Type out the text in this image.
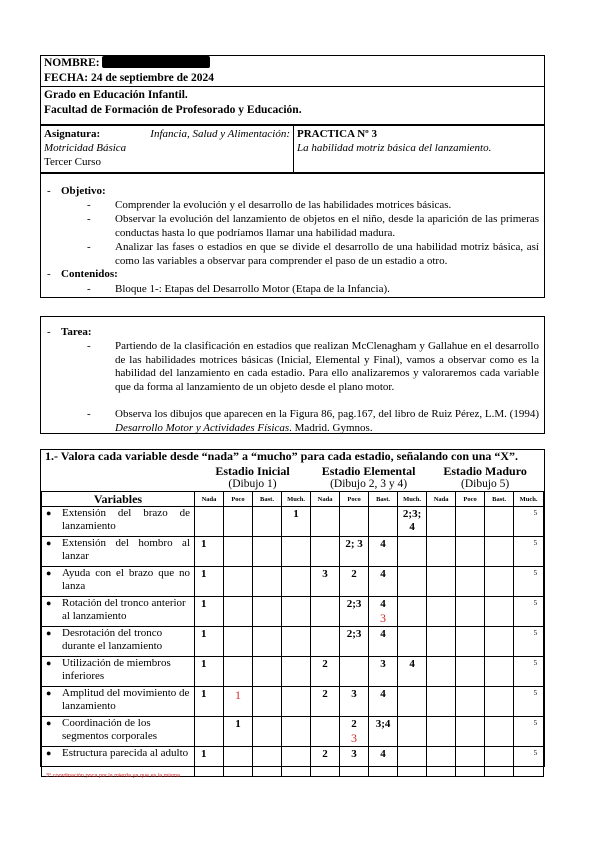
NOMBRE:
FECHA: 24 de septiembre de 2024
Grado en Educación Infantil.
Facultad de Formación de Profesorado y Educación.
Asignatura:	Infancia, Salud y Alimentación:
Motricidad Básica
Tercer Curso
PRACTICA Nº 3
La habilidad motriz básica del lanzamiento.
- Objetivo:
- Comprender la evolución y el desarrollo de las habilidades motrices básicas.
- Observar la evolución del lanzamiento de objetos en el niño, desde la aparición de las primeras conductas hasta lo que podríamos llamar una habilidad madura.
- Analizar las fases o estadios en que se divide el desarrollo de una habilidad motriz básica, así como las variables a observar para comprender el paso de un estadio a otro.
- Contenidos:
- Bloque 1-: Etapas del Desarrollo Motor (Etapa de la Infancia).
- Tarea:
- Partiendo de la clasificación en estadios que realizan McClenagham y Gallahue en el desarrollo de las habilidades motrices básicas (Inicial, Elemental y Final), vamos a observar como es la habilidad del lanzamiento en cada estadio. Para ello analizaremos y valoraremos cada variable que da forma al lanzamiento de un objeto desde el plano motor.
- Observa los dibujos que aparecen en la Figura 86, pag.167, del libro de Ruiz Pérez, L.M. (1994) Desarrollo Motor y Actividades Físicas. Madrid. Gymnos.
1.- Valora cada variable desde “nada” a “mucho” para cada estadio, señalando con una “X”.
	Estadio Inicial				Estadio Elemental				Estadio Maduro			
	(Dibujo 1)				(Dibujo 2, 3 y 4)				(Dibujo 5)			
Variables	Nada	Poco	Bast.	Much.	Nada	Poco	Bast.	Much.	Nada	Poco	Bast.	Much.

● Extensión del brazo de lanzamiento				1				2;3;
4				5

● Extensión del hombro al lanzar	1					2; 3	4					5

● Ayuda con el brazo que no lanza	1				3	2	4					5

● Rotación del tronco anterior al lanzamiento	1					2;3	4
3					5

● Desrotación del tronco durante el lanzamiento	1					2;3	4					5

● Utilización de miembros inferiores	1				2		3	4				5

● Amplitud del movimiento de lanzamiento	1	1			2	3	4					5

● Coordinación de los segmentos corporales		1				2
3	3;4					5

● Estructura parecida al adulto	1				2	3	4					5
3° coordinación poca por la mierda ya que es la misma
